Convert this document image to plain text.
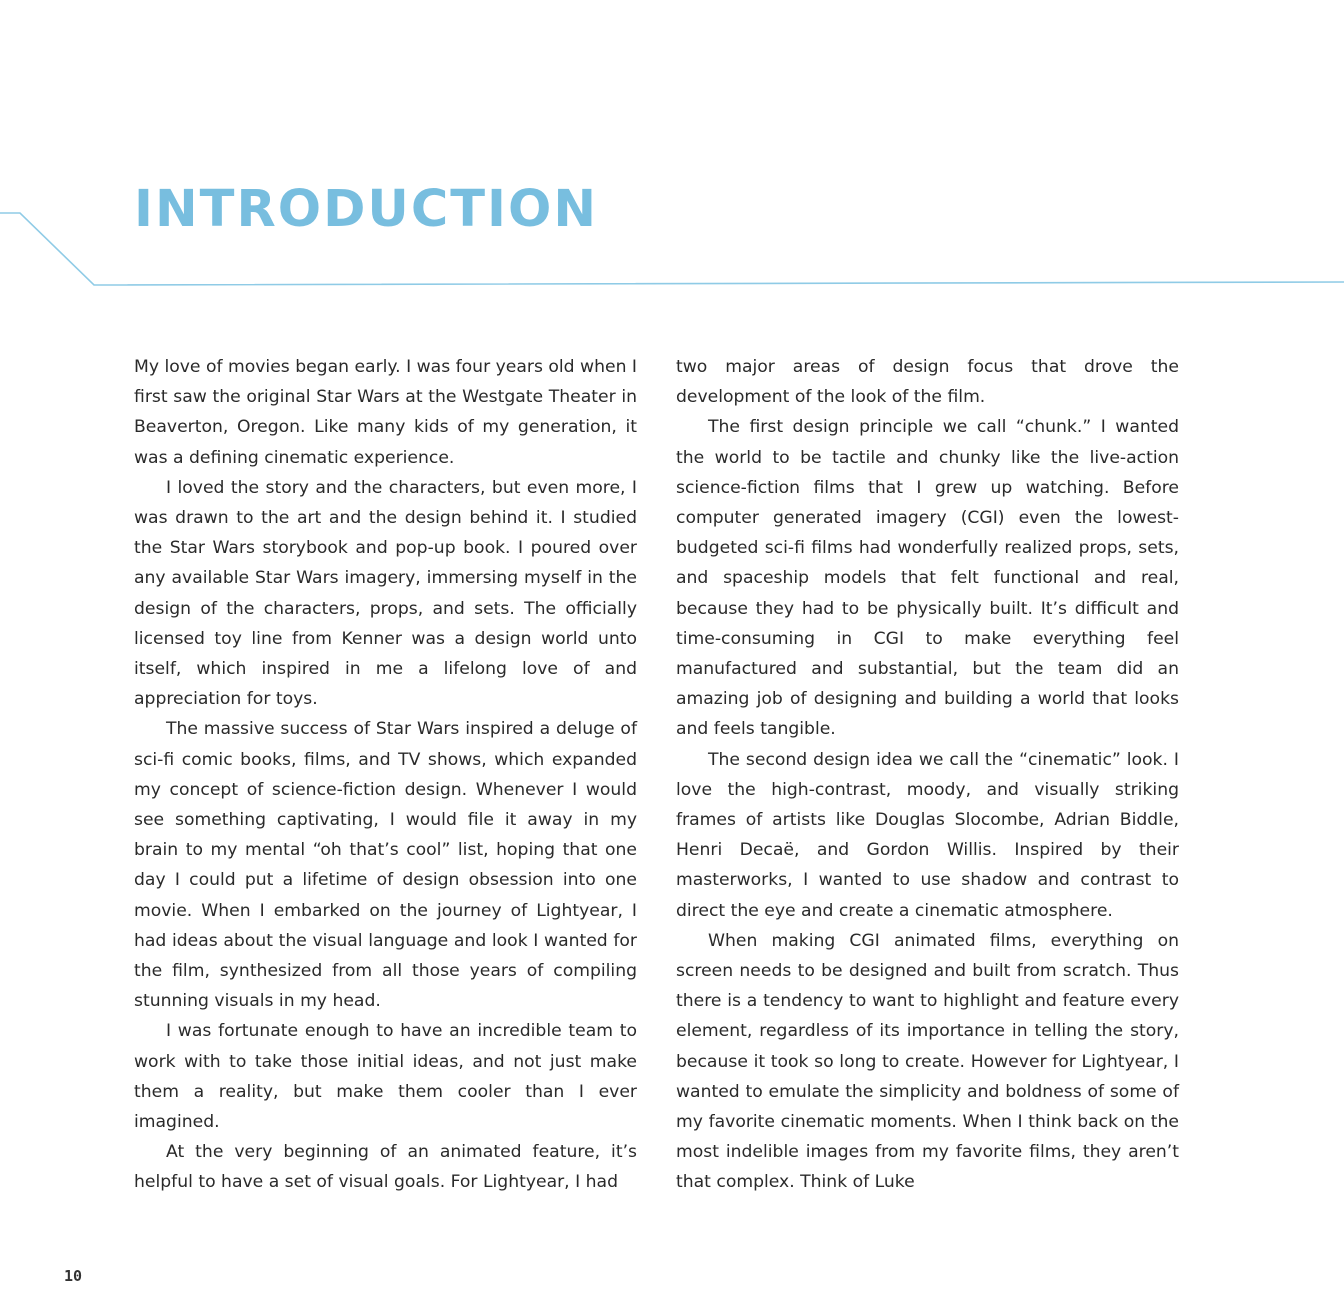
INTRODUCTION

My love of movies began early. I was four years old when I first saw the original Star Wars at the Westgate Theater in Beaverton, Oregon. Like many kids of my generation, it was a defining cinematic experience.

I loved the story and the characters, but even more, I was drawn to the art and the design behind it. I studied the Star Wars storybook and pop-up book. I poured over any available Star Wars imagery, immersing myself in the design of the characters, props, and sets. The officially licensed toy line from Kenner was a design world unto itself, which inspired in me a lifelong love of and appreciation for toys.

The massive success of Star Wars inspired a deluge of sci-fi comic books, films, and TV shows, which expanded my concept of science-fiction design. Whenever I would see something captivating, I would file it away in my brain to my mental “oh that’s cool” list, hoping that one day I could put a lifetime of design obsession into one movie. When I embarked on the journey of Lightyear, I had ideas about the visual language and look I wanted for the film, synthesized from all those years of compiling stunning visuals in my head.

I was fortunate enough to have an incredible team to work with to take those initial ideas, and not just make them a reality, but make them cooler than I ever imagined.

At the very beginning of an animated feature, it’s helpful to have a set of visual goals. For Lightyear, I had

two major areas of design focus that drove the development of the look of the film.

The first design principle we call “chunk.” I wanted the world to be tactile and chunky like the live-action science-fiction films that I grew up watching. Before computer generated imagery (CGI) even the lowest-budgeted sci-fi films had wonderfully realized props, sets, and spaceship models that felt functional and real, because they had to be physically built. It’s difficult and time-consuming in CGI to make everything feel manufactured and substantial, but the team did an amazing job of designing and building a world that looks and feels tangible.

The second design idea we call the “cinematic” look. I love the high-contrast, moody, and visually striking frames of artists like Douglas Slocombe, Adrian Biddle, Henri Decaë, and Gordon Willis. Inspired by their masterworks, I wanted to use shadow and contrast to direct the eye and create a cinematic atmosphere.

When making CGI animated films, everything on screen needs to be designed and built from scratch. Thus there is a tendency to want to highlight and feature every element, regardless of its importance in telling the story, because it took so long to create. However for Lightyear, I wanted to emulate the simplicity and boldness of some of my favorite cinematic moments. When I think back on the most indelible images from my favorite films, they aren’t that complex. Think of Luke

10
